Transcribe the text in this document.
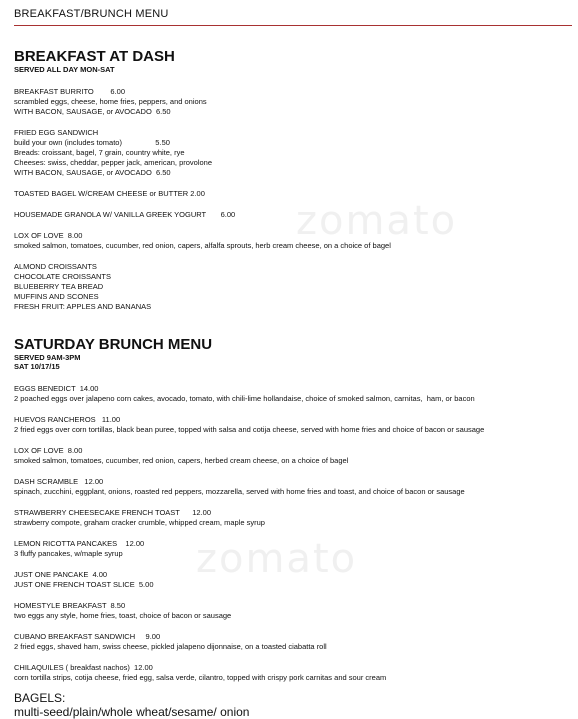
zomato
zomato
BREAKFAST/BRUNCH MENU
BREAKFAST AT DASH
SERVED ALL DAY MON-SAT
BREAKFAST BURRITO        6.00
scrambled eggs, cheese, home fries, peppers, and onions
WITH BACON, SAUSAGE, or AVOCADO  6.50
FRIED EGG SANDWICH
build your own (includes tomato)                5.50
Breads: croissant, bagel, 7 grain, country white, rye
Cheeses: swiss, cheddar, pepper jack, american, provolone
WITH BACON, SAUSAGE, or AVOCADO  6.50
TOASTED BAGEL W/CREAM CHEESE or BUTTER 2.00
HOUSEMADE GRANOLA W/ VANILLA GREEK YOGURT       6.00
LOX OF LOVE  8.00
smoked salmon, tomatoes, cucumber, red onion, capers, alfalfa sprouts, herb cream cheese, on a choice of bagel
ALMOND CROISSANTS
CHOCOLATE CROISSANTS
BLUEBERRY TEA BREAD
MUFFINS AND SCONES
FRESH FRUIT: APPLES AND BANANAS
SATURDAY BRUNCH MENU
SERVED 9AM-3PM
SAT 10/17/15
EGGS BENEDICT  14.00
2 poached eggs over jalapeno corn cakes, avocado, tomato, with chili-lime hollandaise, choice of smoked salmon, carnitas,  ham, or bacon
HUEVOS RANCHEROS   11.00
2 fried eggs over corn tortillas, black bean puree, topped with salsa and cotija cheese, served with home fries and choice of bacon or sausage
LOX OF LOVE  8.00
smoked salmon, tomatoes, cucumber, red onion, capers, herbed cream cheese, on a choice of bagel
DASH SCRAMBLE   12.00
spinach, zucchini, eggplant, onions, roasted red peppers, mozzarella, served with home fries and toast, and choice of bacon or sausage
STRAWBERRY CHEESECAKE FRENCH TOAST      12.00
strawberry compote, graham cracker crumble, whipped cream, maple syrup
LEMON RICOTTA PANCAKES    12.00
3 fluffy pancakes, w/maple syrup
JUST ONE PANCAKE  4.00
JUST ONE FRENCH TOAST SLICE  5.00
HOMESTYLE BREAKFAST  8.50
two eggs any style, home fries, toast, choice of bacon or sausage
CUBANO BREAKFAST SANDWICH     9.00
2 fried eggs, shaved ham, swiss cheese, pickled jalapeno dijonnaise, on a toasted ciabatta roll
CHILAQUILES ( breakfast nachos)  12.00
corn tortilla strips, cotija cheese, fried egg, salsa verde, cilantro, topped with crispy pork carnitas and sour cream
BAGELS:
multi-seed/plain/whole wheat/sesame/ onion
